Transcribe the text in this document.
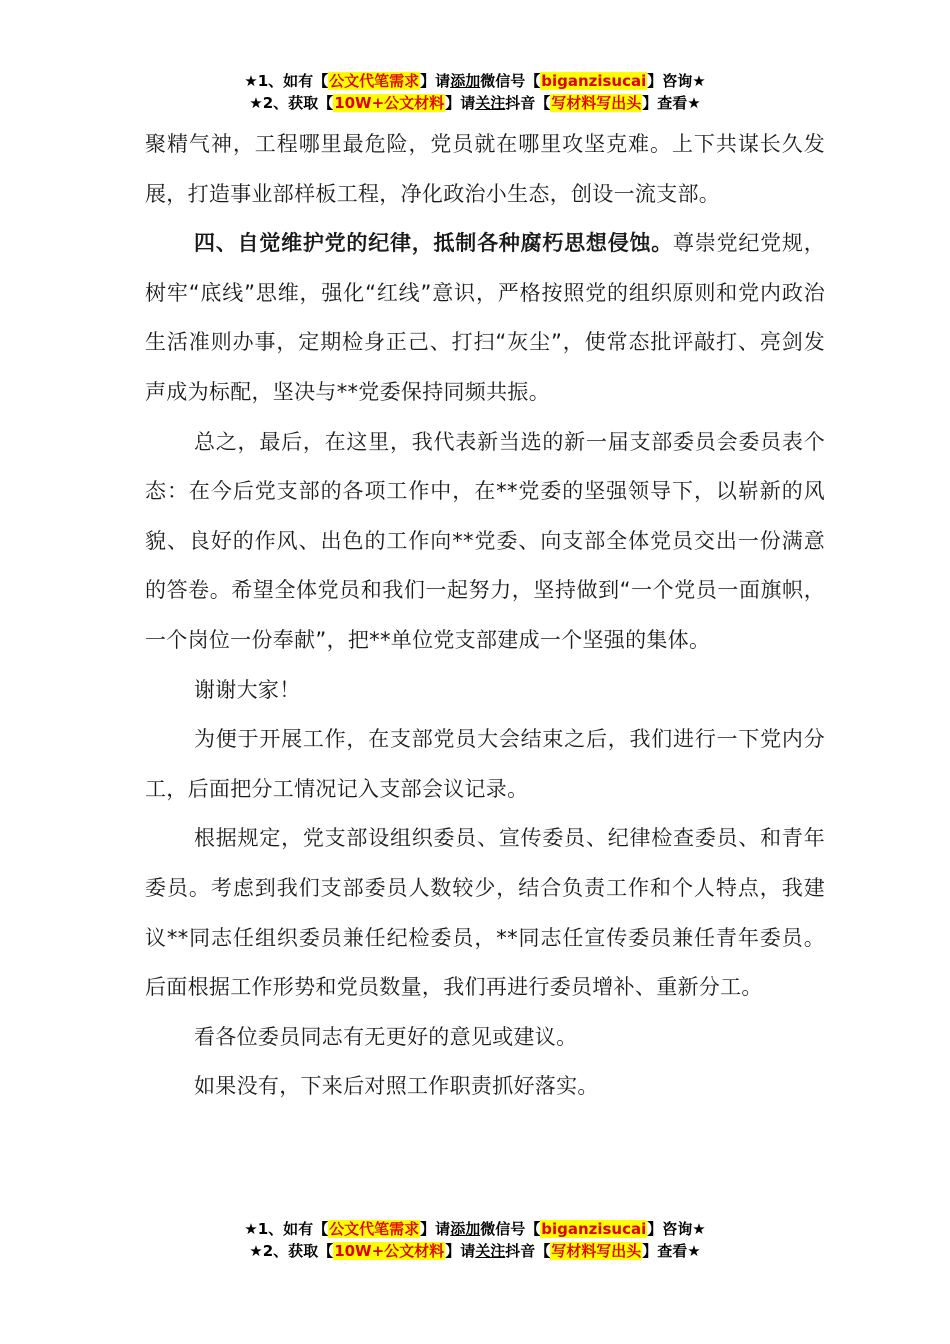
★1、如有【公文代笔需求】请添加微信号【biganzisucai】咨询★
★2、获取【10W+公文材料】请关注抖音【写材料写出头】查看★

聚精气神，工程哪里最危险，党员就在哪里攻坚克难。上下共谋长久发展，打造事业部样板工程，净化政治小生态，创设一流支部。

四、自觉维护党的纪律，抵制各种腐朽思想侵蚀。尊崇党纪党规，树牢“底线”思维，强化“红线”意识，严格按照党的组织原则和党内政治生活准则办事，定期检身正己、打扫“灰尘”，使常态批评敲打、亮剑发声成为标配，坚决与**党委保持同频共振。

总之，最后，在这里，我代表新当选的新一届支部委员会委员表个态：在今后党支部的各项工作中，在**党委的坚强领导下，以崭新的风貌、良好的作风、出色的工作向**党委、向支部全体党员交出一份满意的答卷。希望全体党员和我们一起努力，坚持做到“一个党员一面旗帜，一个岗位一份奉献”，把**单位党支部建成一个坚强的集体。

谢谢大家！

为便于开展工作，在支部党员大会结束之后，我们进行一下党内分工，后面把分工情况记入支部会议记录。

根据规定，党支部设组织委员、宣传委员、纪律检查委员、和青年委员。考虑到我们支部委员人数较少，结合负责工作和个人特点，我建议**同志任组织委员兼任纪检委员，**同志任宣传委员兼任青年委员。后面根据工作形势和党员数量，我们再进行委员增补、重新分工。

看各位委员同志有无更好的意见或建议。

如果没有，下来后对照工作职责抓好落实。

★1、如有【公文代笔需求】请添加微信号【biganzisucai】咨询★
★2、获取【10W+公文材料】请关注抖音【写材料写出头】查看★
